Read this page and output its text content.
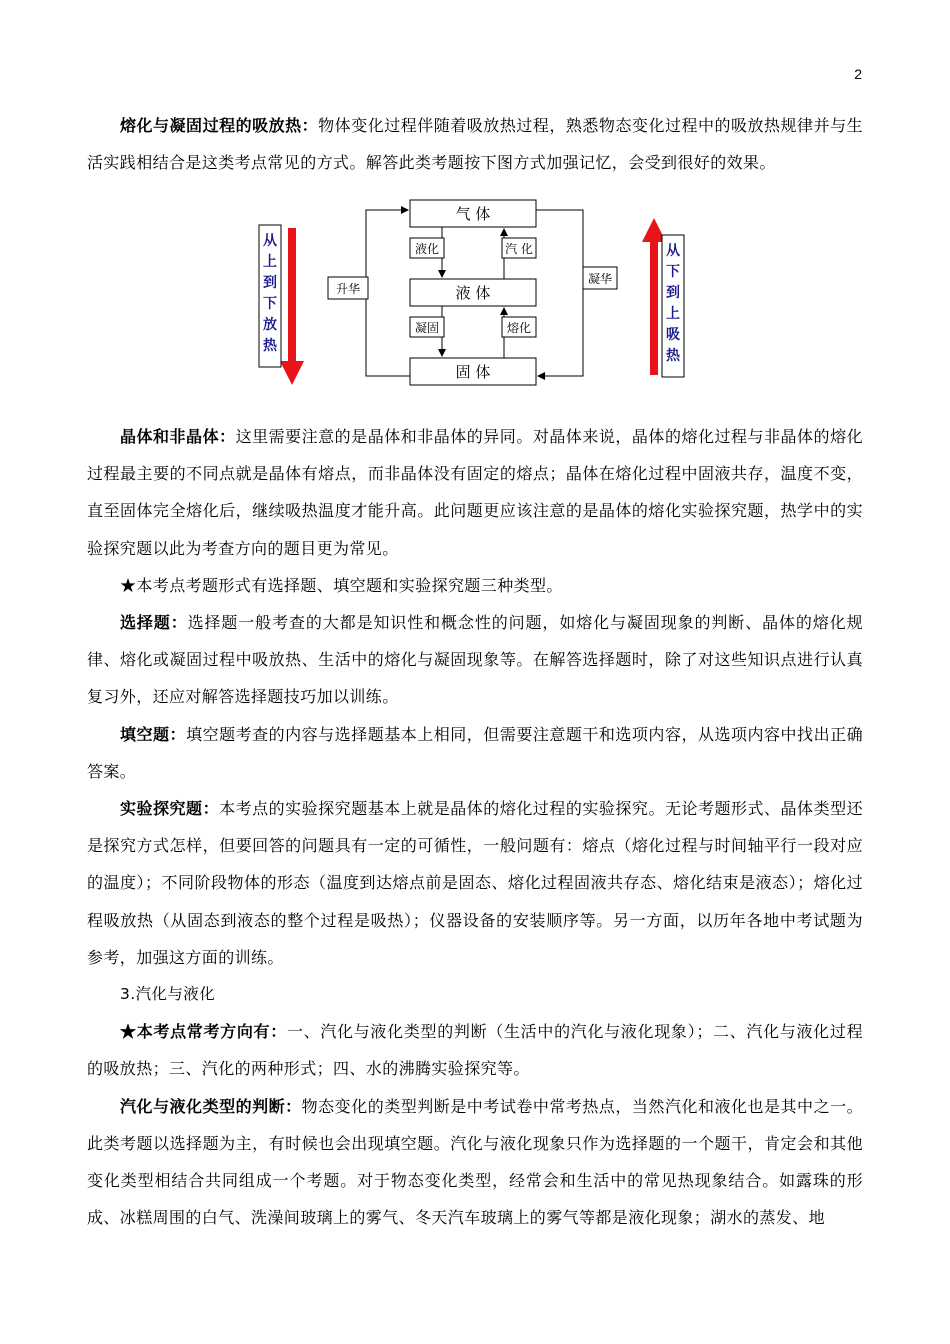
2

熔化与凝固过程的吸放热：物体变化过程伴随着吸放热过程，熟悉物态变化过程中的吸放热规律并与生活实践相结合是这类考点常见的方式。解答此类考题按下图方式加强记忆，会受到很好的效果。

从
上
到
下
放
热
从
下
到
上
吸
热
气 体
液 体
固 体
液化	汽 化
凝固	熔化
升华
凝华

晶体和非晶体：这里需要注意的是晶体和非晶体的异同。对晶体来说，晶体的熔化过程与非晶体的熔化过程最主要的不同点就是晶体有熔点，而非晶体没有固定的熔点；晶体在熔化过程中固液共存，温度不变，直至固体完全熔化后，继续吸热温度才能升高。此问题更应该注意的是晶体的熔化实验探究题，热学中的实验探究题以此为考查方向的题目更为常见。

★本考点考题形式有选择题、填空题和实验探究题三种类型。

选择题：选择题一般考查的大都是知识性和概念性的问题，如熔化与凝固现象的判断、晶体的熔化规律、熔化或凝固过程中吸放热、生活中的熔化与凝固现象等。在解答选择题时，除了对这些知识点进行认真复习外，还应对解答选择题技巧加以训练。

填空题：填空题考查的内容与选择题基本上相同，但需要注意题干和选项内容，从选项内容中找出正确答案。

实验探究题：本考点的实验探究题基本上就是晶体的熔化过程的实验探究。无论考题形式、晶体类型还是探究方式怎样，但要回答的问题具有一定的可循性，一般问题有：熔点（熔化过程与时间轴平行一段对应的温度）；不同阶段物体的形态（温度到达熔点前是固态、熔化过程固液共存态、熔化结束是液态）；熔化过程吸放热（从固态到液态的整个过程是吸热）；仪器设备的安装顺序等。另一方面，以历年各地中考试题为参考，加强这方面的训练。

3.汽化与液化

★本考点常考方向有：一、汽化与液化类型的判断（生活中的汽化与液化现象）；二、汽化与液化过程的吸放热；三、汽化的两种形式；四、水的沸腾实验探究等。

汽化与液化类型的判断：物态变化的类型判断是中考试卷中常考热点，当然汽化和液化也是其中之一。此类考题以选择题为主，有时候也会出现填空题。汽化与液化现象只作为选择题的一个题干，肯定会和其他变化类型相结合共同组成一个考题。对于物态变化类型，经常会和生活中的常见热现象结合。如露珠的形成、冰糕周围的白气、洗澡间玻璃上的雾气、冬天汽车玻璃上的雾气等都是液化现象；湖水的蒸发、地
